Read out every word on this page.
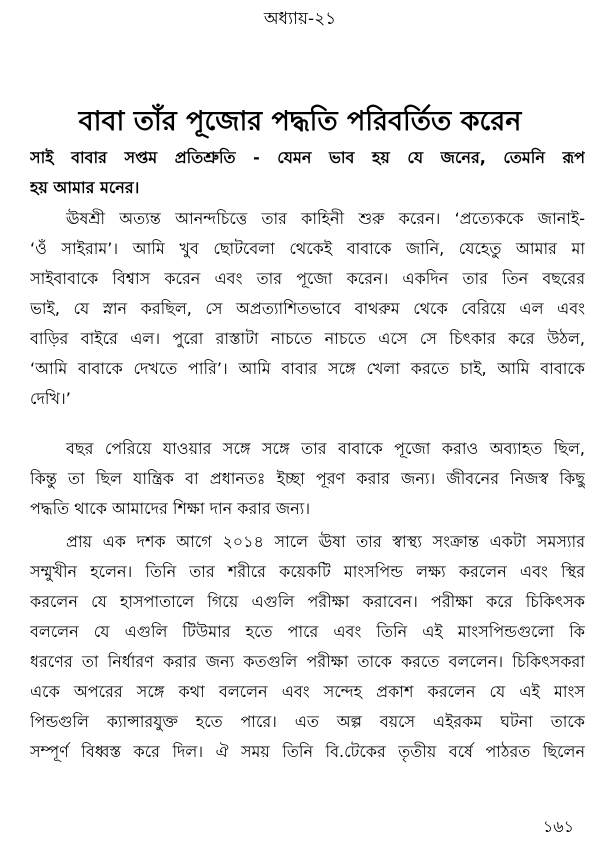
অধ্যায়-২১
বাবা তাঁর পূজোর পদ্ধতি পরিবর্তিত করেন
সাই বাবার সপ্তম প্রতিশ্রুতি - যেমন ভাব হয় যে জনের, তেমনি রূপ
হয় আমার মনের।
ঊষশ্রী অত্যন্ত আনন্দচিত্তে তার কাহিনী শুরু করেন। ‘প্রত্যেককে জানাই-
‘ওঁ সাইরাম’। আমি খুব ছোটবেলা থেকেই বাবাকে জানি, যেহেতু আমার মা
সাইবাবাকে বিশ্বাস করেন এবং তার পূজো করেন। একদিন তার তিন বছরের
ভাই, যে স্নান করছিল, সে অপ্রত্যাশিতভাবে বাথরুম থেকে বেরিয়ে এল এবং
বাড়ির বাইরে এল। পুরো রাস্তাটা নাচতে নাচতে এসে সে চিৎকার করে উঠল,
‘আমি বাবাকে দেখতে পারি’। আমি বাবার সঙ্গে খেলা করতে চাই, আমি বাবাকে
দেখি।’
বছর পেরিয়ে যাওয়ার সঙ্গে সঙ্গে তার বাবাকে পূজো করাও অব্যাহত ছিল,
কিন্তু তা ছিল যান্ত্রিক বা প্রধানতঃ ইচ্ছা পূরণ করার জন্য। জীবনের নিজস্ব কিছু
পদ্ধতি থাকে আমাদের শিক্ষা দান করার জন্য।
প্রায় এক দশক আগে ২০১৪ সালে ঊষা তার স্বাস্থ্য সংক্রান্ত একটা সমস্যার
সম্মুখীন হলেন। তিনি তার শরীরে কয়েকটি মাংসপিন্ড লক্ষ্য করলেন এবং স্থির
করলেন যে হাসপাতালে গিয়ে এগুলি পরীক্ষা করাবেন। পরীক্ষা করে চিকিৎসক
বললেন যে এগুলি টিউমার হতে পারে এবং তিনি এই মাংসপিন্ডগুলো কি
ধরণের তা নির্ধারণ করার জন্য কতগুলি পরীক্ষা তাকে করতে বললেন। চিকিৎসকরা
একে অপরের সঙ্গে কথা বললেন এবং সন্দেহ প্রকাশ করলেন যে এই মাংস
পিন্ডগুলি ক্যান্সারযুক্ত হতে পারে। এত অল্প বয়সে এইরকম ঘটনা তাকে
সম্পূর্ণ বিধ্বস্ত করে দিল। ঐ সময় তিনি বি.টেকের তৃতীয় বর্ষে পাঠরত ছিলেন
১৬১
